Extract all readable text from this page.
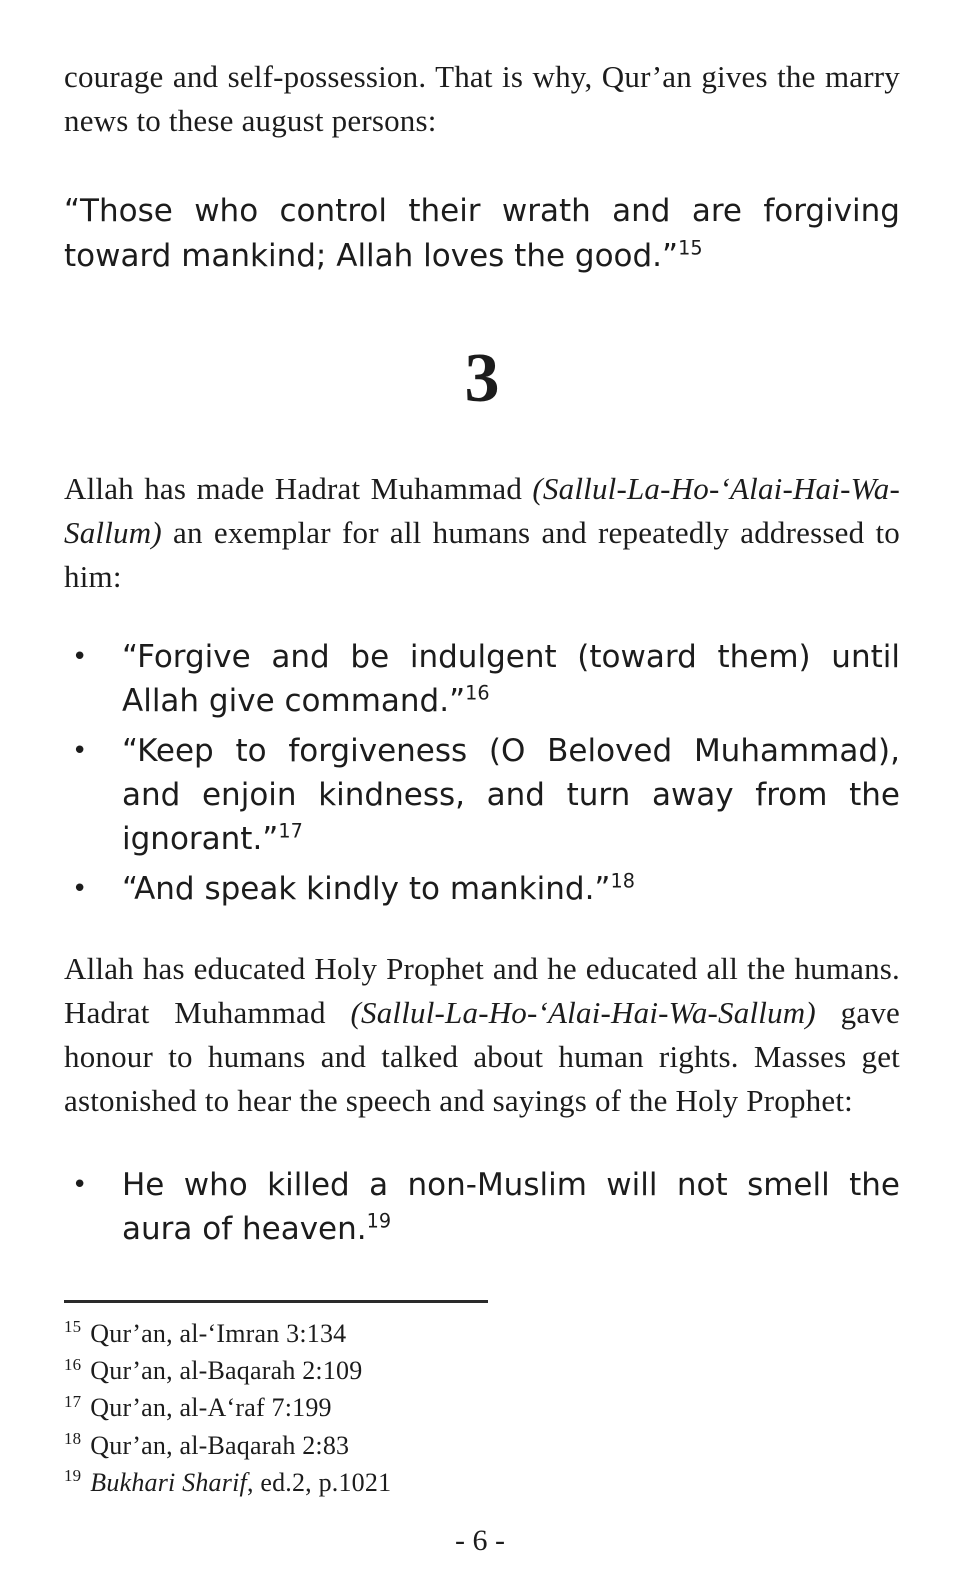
courage and self-possession. That is why, Qur’an gives the marry news to these august persons:

“Those who control their wrath and are forgiving toward mankind; Allah loves the good.”$^{15}$

3

Allah has made Hadrat Muhammad (Sallul-La-Ho-‘Alai-Hai-Wa-Sallum) an exemplar for all humans and repeatedly addressed to him:

•	“Forgive and be indulgent (toward them) until Allah give command.”$^{16}$
•	“Keep to forgiveness (O Beloved Muhammad), and enjoin kindness, and turn away from the ignorant.”$^{17}$
•	“And speak kindly to mankind.”$^{18}$

Allah has educated Holy Prophet and he educated all the humans. Hadrat Muhammad (Sallul-La-Ho-‘Alai-Hai-Wa-Sallum) gave honour to humans and talked about human rights. Masses get astonished to hear the speech and sayings of the Holy Prophet:

•	He who killed a non-Muslim will not smell the aura of heaven.$^{19}$
$^{15}$ Qur’an, al-‘Imran 3:134
$^{16}$ Qur’an, al-Baqarah 2:109
$^{17}$ Qur’an, al-A‘raf 7:199
$^{18}$ Qur’an, al-Baqarah 2:83
$^{19}$ Bukhari Sharif, ed.2, p.1021
- 6 -
